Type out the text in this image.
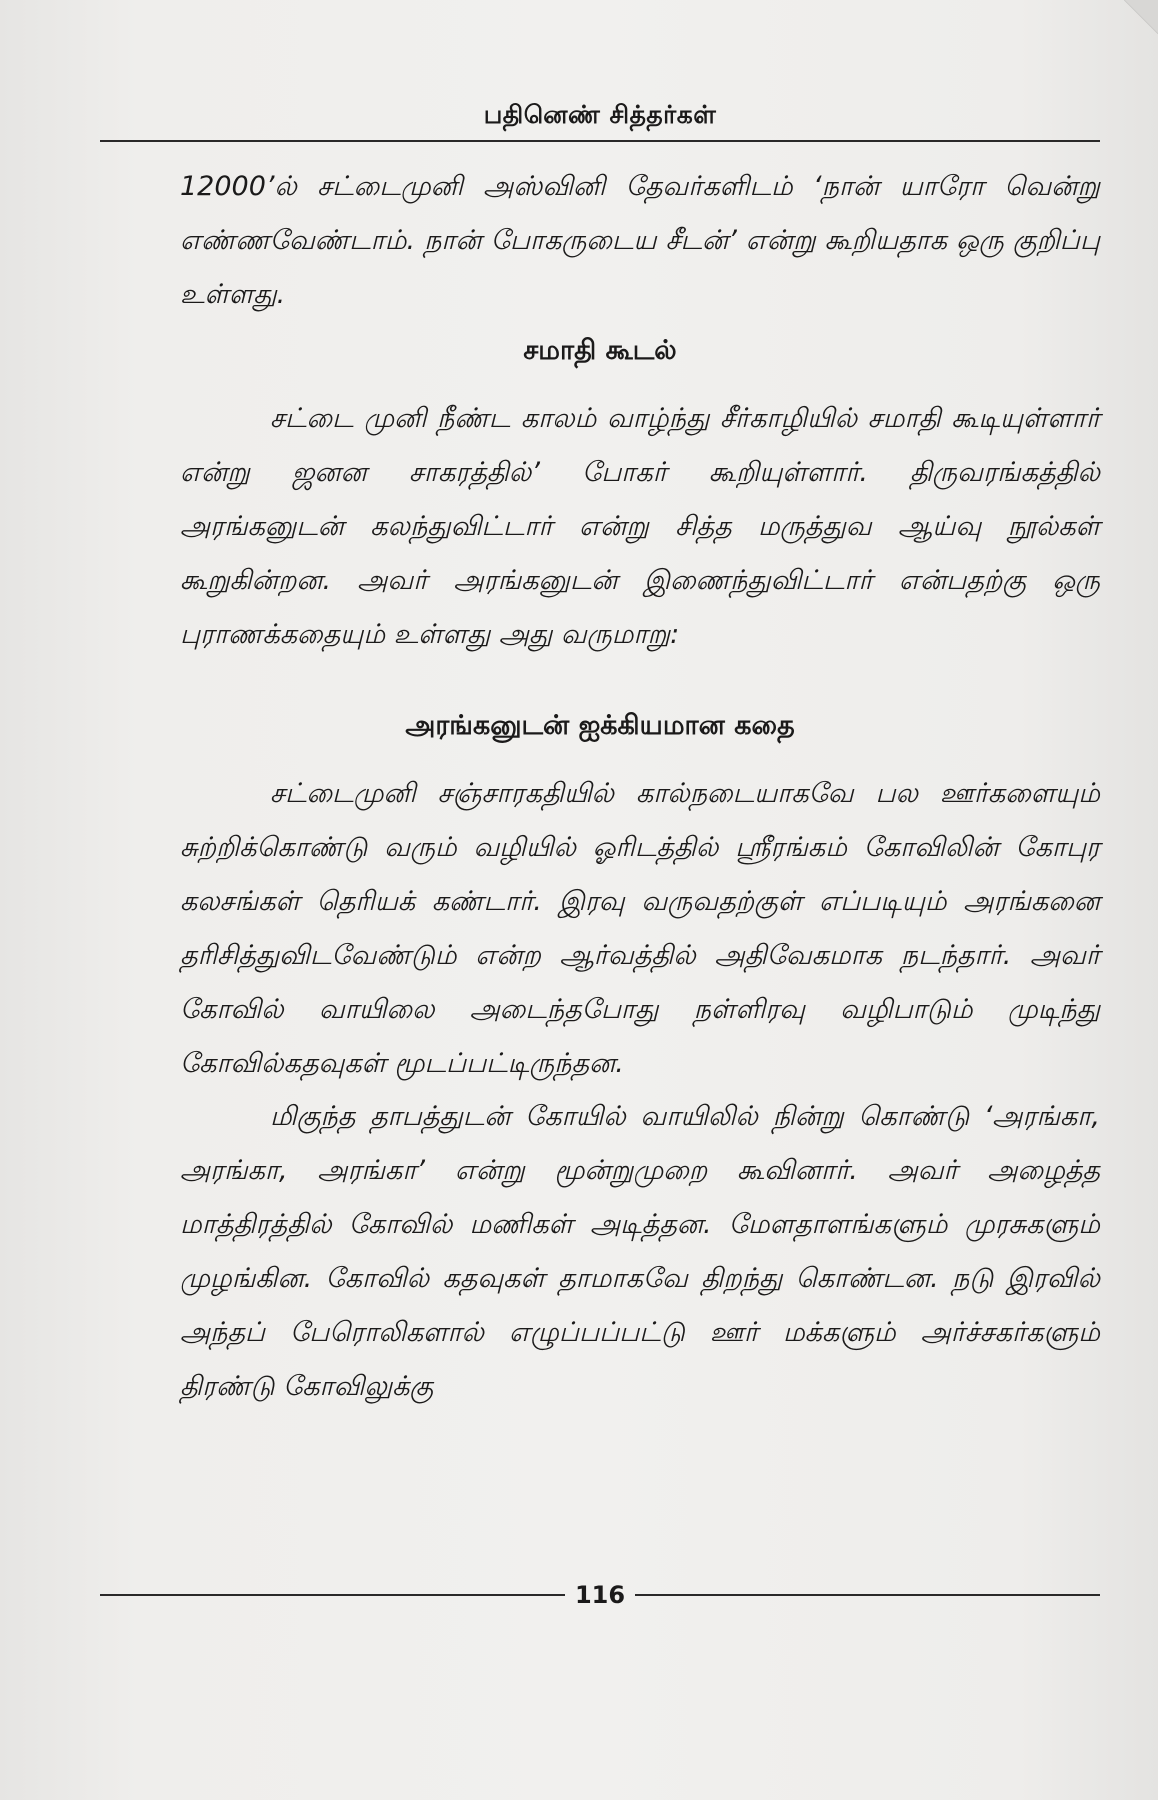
பதினெண் சித்தர்கள்
12000’ல் சட்டைமுனி அஸ்வினி தேவர்களிடம் ‘நான் யாரோ வென்று எண்ணவேண்டாம். நான் போகருடைய சீடன்’ என்று கூறியதாக ஒரு குறிப்பு உள்ளது.
சமாதி கூடல்
சட்டை முனி நீண்ட காலம் வாழ்ந்து சீர்காழியில் சமாதி கூடியுள்ளார் என்று ஜனன சாகரத்தில்’ போகர் கூறியுள்ளார். திருவரங்கத்தில் அரங்கனுடன் கலந்துவிட்டார் என்று சித்த மருத்துவ ஆய்வு நூல்கள் கூறுகின்றன. அவர் அரங்கனுடன் இணைந்துவிட்டார் என்பதற்கு ஒரு புராணக்கதையும் உள்ளது அது வருமாறு:
அரங்கனுடன் ஐக்கியமான கதை
சட்டைமுனி சஞ்சாரகதியில் கால்நடையாகவே பல ஊர்களையும் சுற்றிக்கொண்டு வரும் வழியில் ஓரிடத்தில் ஸ்ரீரங்கம் கோவிலின் கோபுர கலசங்கள் தெரியக் கண்டார். இரவு வருவதற்குள் எப்படியும் அரங்கனை தரிசித்துவிடவேண்டும் என்ற ஆர்வத்தில் அதிவேகமாக நடந்தார். அவர் கோவில் வாயிலை அடைந்தபோது நள்ளிரவு வழிபாடும் முடிந்து கோவில்கதவுகள் மூடப்பட்டிருந்தன.
மிகுந்த தாபத்துடன் கோயில் வாயிலில் நின்று கொண்டு ‘அரங்கா, அரங்கா, அரங்கா’ என்று மூன்றுமுறை கூவினார். அவர் அழைத்த மாத்திரத்தில் கோவில் மணிகள் அடித்தன. மேளதாளங்களும் முரசுகளும் முழங்கின. கோவில் கதவுகள் தாமாகவே திறந்து கொண்டன. நடு இரவில் அந்தப் பேரொலிகளால் எழுப்பப்பட்டு ஊர் மக்களும் அர்ச்சகர்களும் திரண்டு கோவிலுக்கு
116
